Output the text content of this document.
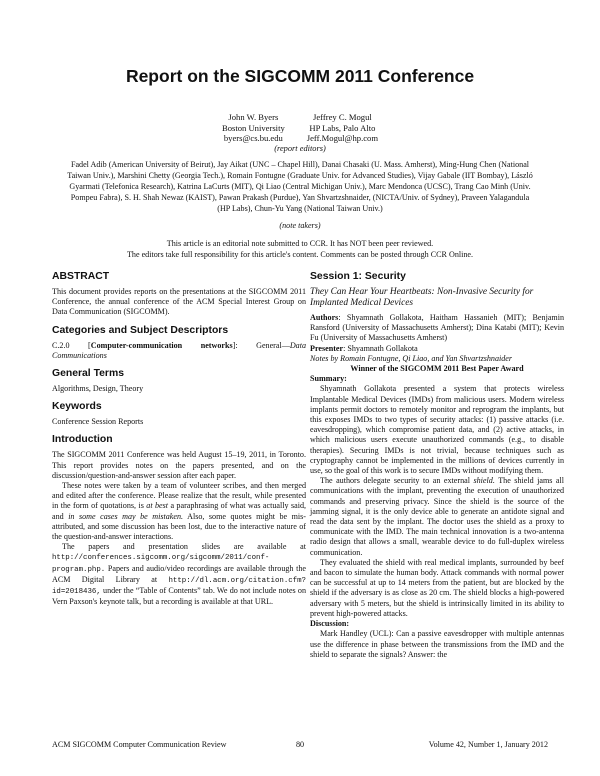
Report on the SIGCOMM 2011 Conference
John W. Byers
Boston University
byers@cs.bu.edu
Jeffrey C. Mogul
HP Labs, Palo Alto
Jeff.Mogul@hp.com
(report editors)
Fadel Adib (American University of Beirut), Jay Aikat (UNC – Chapel Hill), Danai Chasaki (U. Mass. Amherst), Ming-Hung Chen (National Taiwan Univ.), Marshini Chetty (Georgia Tech.), Romain Fontugne (Graduate Univ. for Advanced Studies), Vijay Gabale (IIT Bombay), László Gyarmati (Telefonica Research), Katrina LaCurts (MIT), Qi Liao (Central Michigan Univ.), Marc Mendonca (UCSC), Trang Cao Minh (Univ. Pompeu Fabra), S. H. Shah Newaz (KAIST), Pawan Prakash (Purdue), Yan Shvartzshnaider, (NICTA/Univ. of Sydney), Praveen Yalagandula (HP Labs), Chun-Yu Yang (National Taiwan Univ.)
(note takers)
This article is an editorial note submitted to CCR. It has NOT been peer reviewed.
The editors take full responsibility for this article's content. Comments can be posted through CCR Online.
ABSTRACT

This document provides reports on the presentations at the SIGCOMM 2011 Conference, the annual conference of the ACM Special Interest Group on Data Communication (SIGCOMM).

Categories and Subject Descriptors

C.2.0 [Computer-communication networks]: General—Data Communications

General Terms

Algorithms, Design, Theory

Keywords

Conference Session Reports

Introduction

The SIGCOMM 2011 Conference was held August 15–19, 2011, in Toronto. This report provides notes on the papers presented, and on the discussion/question-and-answer session after each paper.

These notes were taken by a team of volunteer scribes, and then merged and edited after the conference. Please realize that the result, while presented in the form of quotations, is at best a paraphrasing of what was actually said, and in some cases may be mistaken. Also, some quotes might be mis-attributed, and some discussion has been lost, due to the interactive nature of the question-and-answer interactions.

The papers and presentation slides are available at http://conferences.sigcomm.org/sigcomm/2011/conf-program.php. Papers and audio/video recordings are available through the ACM Digital Library at http://dl.acm.org/citation.cfm?id=2018436, under the “Table of Contents” tab. We do not include notes on Vern Paxson's keynote talk, but a recording is available at that URL.

Session 1: Security
They Can Hear Your Heartbeats: Non-Invasive Security for Implanted Medical Devices

Authors: Shyamnath Gollakota, Haitham Hassanieh (MIT); Benjamin Ransford (University of Massachusetts Amherst); Dina Katabi (MIT); Kevin Fu (University of Massachusetts Amherst)

Presenter: Shyamnath Gollakota

Notes by Romain Fontugne, Qi Liao, and Yan Shvartzshnaider

Winner of the SIGCOMM 2011 Best Paper Award

Summary:

Shyamnath Gollakota presented a system that protects wireless Implantable Medical Devices (IMDs) from malicious users. Modern wireless implants permit doctors to remotely monitor and reprogram the implants, but this exposes IMDs to two types of security attacks: (1) passive attacks (i.e. eavesdropping), which compromise patient data, and (2) active attacks, in which malicious users execute unauthorized commands (e.g., to disable therapies). Securing IMDs is not trivial, because techniques such as cryptography cannot be implemented in the millions of devices currently in use, so the goal of this work is to secure IMDs without modifying them.

The authors delegate security to an external shield. The shield jams all communications with the implant, preventing the execution of unauthorized commands and preserving privacy. Since the shield is the source of the jamming signal, it is the only device able to generate an antidote signal and read the data sent by the implant. The doctor uses the shield as a proxy to communicate with the IMD. The main technical innovation is a two-antenna radio design that allows a small, wearable device to do full-duplex wireless communication.

They evaluated the shield with real medical implants, surrounded by beef and bacon to simulate the human body. Attack commands with normal power can be successful at up to 14 meters from the patient, but are blocked by the shield if the adversary is as close as 20 cm. The shield blocks a high-powered adversary with 5 meters, but the shield is intrinsically limited in its ability to prevent high-powered attacks.

Discussion:

Mark Handley (UCL): Can a passive eavesdropper with multiple antennas use the difference in phase between the transmissions from the IMD and the shield to separate the signals? Answer: the

ACM SIGCOMM Computer Communication Review	80	Volume 42, Number 1, January 2012
